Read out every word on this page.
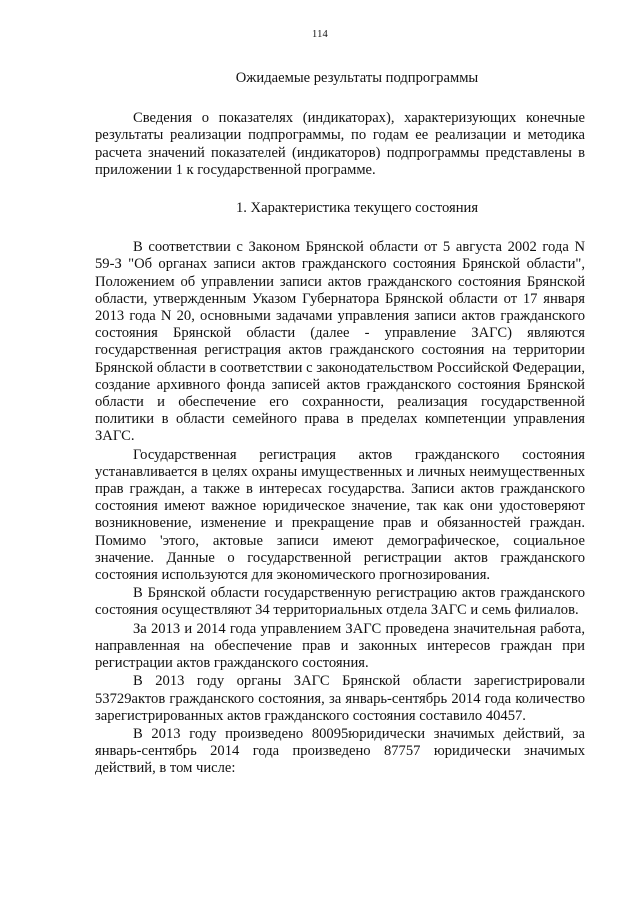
114
Ожидаемые результаты подпрограммы

Сведения о показателях (индикаторах), характеризующих конечные результаты реализации подпрограммы, по годам ее реализации и методика расчета значений показателей (индикаторов) подпрограммы представлены в приложении 1 к государственной программе.

1. Характеристика текущего состояния

В соответствии с Законом Брянской области от 5 августа 2002 года N 59-З "Об органах записи актов гражданского состояния Брянской области", Положением об управлении записи актов гражданского состояния Брянской области, утвержденным Указом Губернатора Брянской области от 17 января 2013 года N 20, основными задачами управления записи актов гражданского состояния Брянской области (далее - управление ЗАГС) являются государственная регистрация актов гражданского состояния на территории Брянской области в соответствии с законодательством Российской Федерации, создание архивного фонда записей актов гражданского состояния Брянской области и обеспечение его сохранности, реализация государственной политики в области семейного права в пределах компетенции управления ЗАГС.

Государственная регистрация актов гражданского состояния устанавливается в целях охраны имущественных и личных неимущественных прав граждан, а также в интересах государства. Записи актов гражданского состояния имеют важное юридическое значение, так как они удостоверяют возникновение, изменение и прекращение прав и обязанностей граждан. Помимо 'этого, актовые записи имеют демографическое, социальное значение. Данные о государственной регистрации актов гражданского состояния используются для экономического прогнозирования.

В Брянской области государственную регистрацию актов гражданского состояния осуществляют 34 территориальных отдела ЗАГС и семь филиалов.

За 2013 и 2014 года управлением ЗАГС проведена значительная работа, направленная на обеспечение прав и законных интересов граждан при регистрации актов гражданского состояния.

В 2013 году органы ЗАГС Брянской области зарегистрировали 53729актов гражданского состояния, за январь-сентябрь 2014 года количество зарегистрированных актов гражданского состояния составило 40457.

В 2013 году произведено 80095юридически значимых действий, за январь-сентябрь 2014 года произведено 87757 юридически значимых действий, в том числе:
